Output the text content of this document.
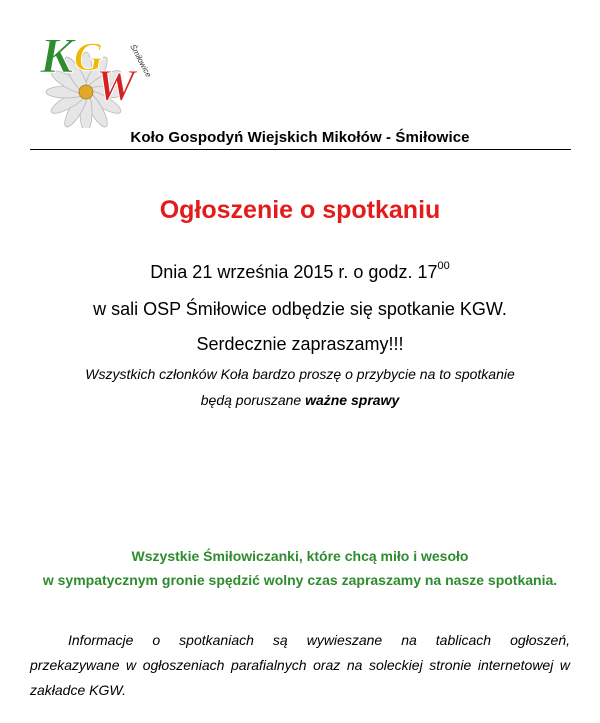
K G
W
Śmiłowice
Koło Gospodyń Wiejskich Mikołów - Śmiłowice
Ogłoszenie o spotkaniu
Dnia 21 września 2015 r. o godz. $17^{00}$
w sali OSP Śmiłowice odbędzie się spotkanie KGW.
Serdecznie zapraszamy!!!
Wszystkich członków Koła bardzo proszę o przybycie na to spotkanie
będą poruszane ważne sprawy
Wszystkie Śmiłowiczanki, które chcą miło i wesoło
w sympatycznym gronie spędzić wolny czas zapraszamy na nasze spotkania.
Informacje o spotkaniach są wywieszane na tablicach ogłoszeń,
przekazywane w ogłoszeniach parafialnych oraz na soleckiej stronie internetowej w
zakładce KGW.
